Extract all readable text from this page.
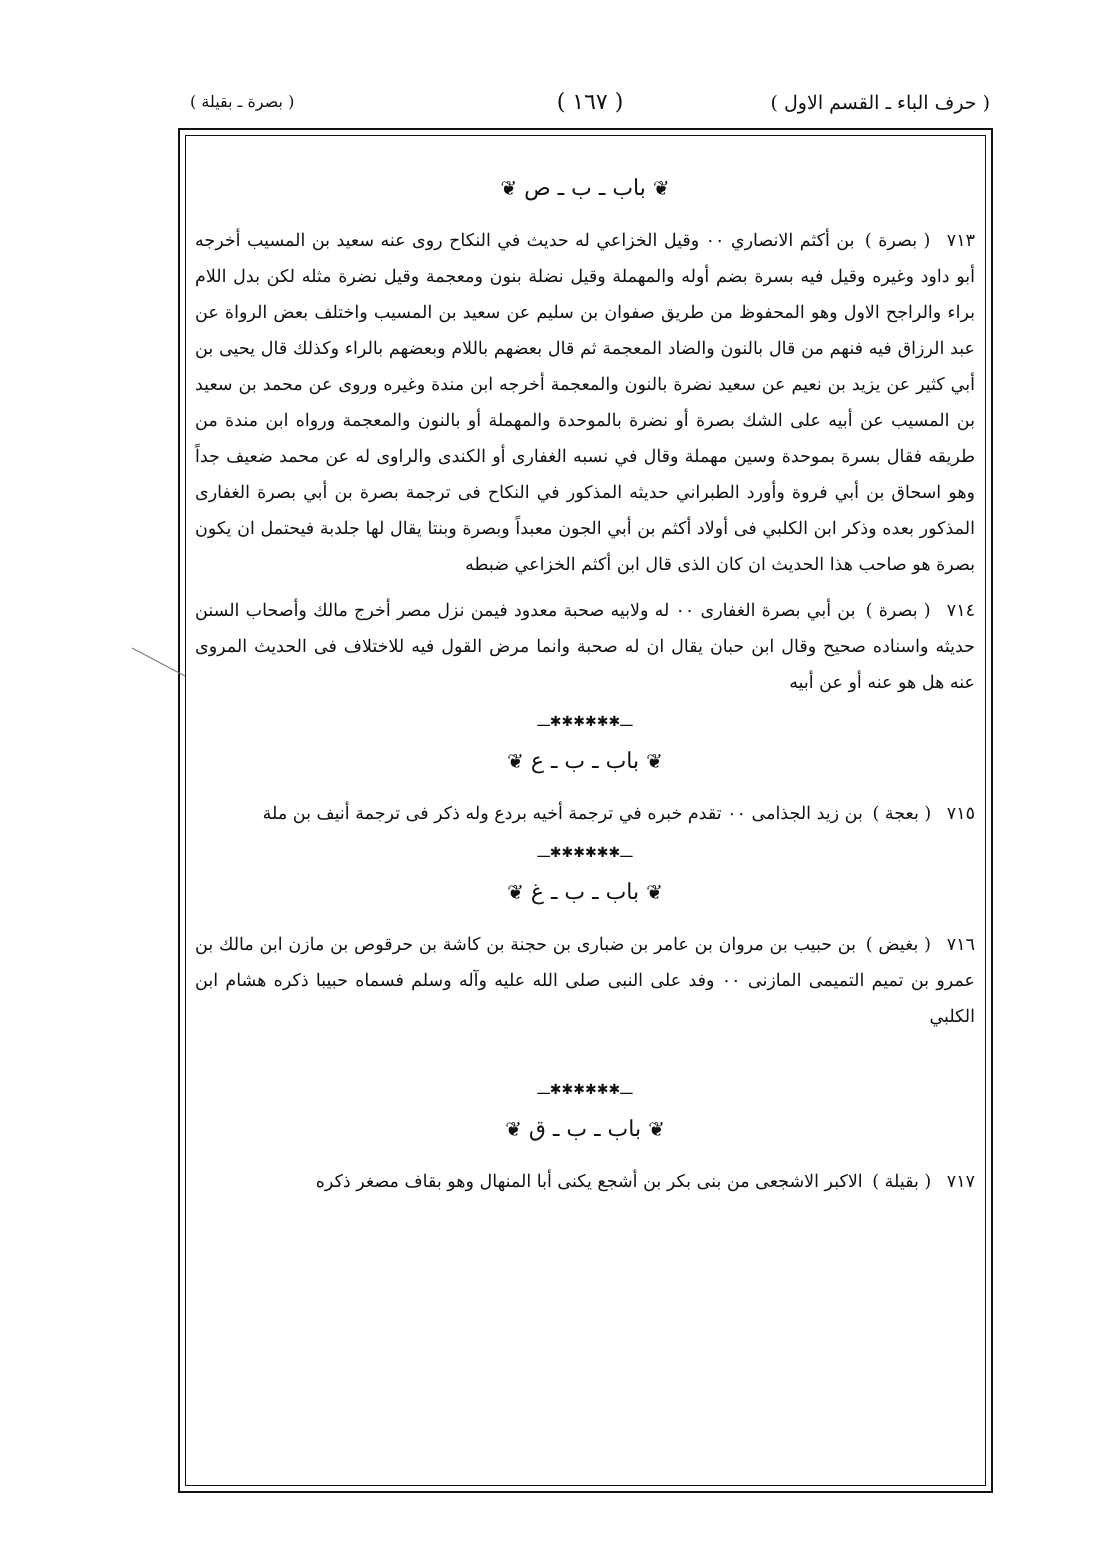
( حرف الباء ـ القسم الاول )
( ١٦٧ )
( بصرة ـ بقيلة )
❦ باب ـ ب ـ ص ❦

٧١٣ ( بصرة ) بن أكثم الانصاري ٠٠ وقيل الخزاعي له حديث في النكاح روى عنه سعيد بن المسيب أخرجه أبو داود وغيره وقيل فيه بسرة بضم أوله والمهملة وقيل نضلة بنون ومعجمة وقيل نضرة مثله لكن بدل اللام براء والراجح الاول وهو المحفوظ من طريق صفوان بن سليم عن سعيد بن المسيب واختلف بعض الرواة عن عبد الرزاق فيه فنهم من قال بالنون والضاد المعجمة ثم قال بعضهم باللام وبعضهم بالراء وكذلك قال يحيى بن أبي كثير عن يزيد بن نعيم عن سعيد نضرة بالنون والمعجمة أخرجه ابن مندة وغيره وروى عن محمد بن سعيد بن المسيب عن أبيه على الشك بصرة أو نضرة بالموحدة والمهملة أو بالنون والمعجمة ورواه ابن مندة من طريقه فقال بسرة بموحدة وسين مهملة وقال في نسبه الغفارى أو الكندى والراوى له عن محمد ضعيف جداً وهو اسحاق بن أبي فروة وأورد الطبراني حديثه المذكور في النكاح فى ترجمة بصرة بن أبي بصرة الغفارى المذكور بعده وذكر ابن الكلبي فى أولاد أكثم بن أبي الجون معبداً وبصرة وبنتا يقال لها جلدبة فيحتمل ان يكون بصرة هو صاحب هذا الحديث ان كان الذى قال ابن أكثم الخزاعي ضبطه

٧١٤ ( بصرة ) بن أبي بصرة الغفارى ٠٠ له ولابيه صحبة معدود فيمن نزل مصر أخرج مالك وأصحاب السنن حديثه واسناده صحيح وقال ابن حبان يقال ان له صحبة وانما مرض القول فيه للاختلاف فى الحديث المروى عنه هل هو عنه أو عن أبيه

ـــ✱✱✱✱✱✱ـــ
❦ باب ـ ب ـ ع ❦

٧١٥ ( بعجة ) بن زيد الجذامى ٠٠ تقدم خبره في ترجمة أخيه بردع وله ذكر فى ترجمة أنيف بن ملة

ـــ✱✱✱✱✱✱ـــ
❦ باب ـ ب ـ غ ❦

٧١٦ ( بغيض ) بن حبيب بن مروان بن عامر بن ضبارى بن حجنة بن كاشة بن حرقوص بن مازن ابن مالك بن عمرو بن تميم التميمى المازنى ٠٠ وفد على النبى صلى الله عليه وآله وسلم فسماه حبيبا ذكره هشام ابن الكلبي

ـــ✱✱✱✱✱✱ـــ
❦ باب ـ ب ـ ق ❦

٧١٧ ( بقيلة ) الاكبر الاشجعى من بنى بكر بن أشجع يكنى أبا المنهال وهو بقاف مصغر ذكره
